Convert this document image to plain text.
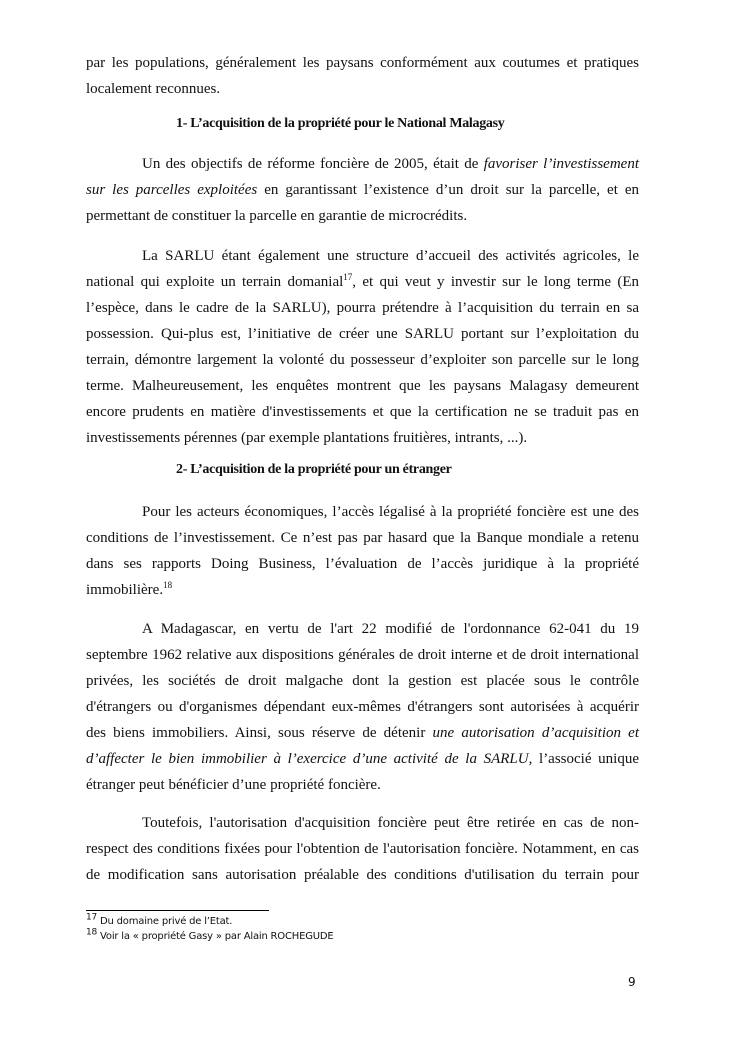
par les populations, généralement les paysans conformément aux coutumes et pratiques
localement reconnues.
Un des objectifs de réforme foncière de 2005, était de favoriser l’investissement
sur les parcelles exploitées en garantissant l’existence d’un droit sur la parcelle, et en
permettant de constituer la parcelle en garantie de microcrédits.
La SARLU étant également une structure d’accueil des activités agricoles, le
national qui exploite un terrain domanial$^{17}$, et qui veut y investir sur le long terme (En
l’espèce, dans le cadre de la SARLU), pourra prétendre à l’acquisition du terrain en sa
possession. Qui-plus est, l’initiative de créer une SARLU portant sur l’exploitation du
terrain, démontre largement la volonté du possesseur d’exploiter son parcelle sur le long
terme. Malheureusement, les enquêtes montrent que les paysans Malagasy demeurent
encore prudents en matière d'investissements et que la certification ne se traduit pas en
investissements pérennes (par exemple plantations fruitières, intrants, ...).
Pour les acteurs économiques, l’accès légalisé à la propriété foncière est une des
conditions de l’investissement. Ce n’est pas par hasard que la Banque mondiale a retenu
dans ses rapports Doing Business, l’évaluation de l’accès juridique à la propriété
immobilière.$^{18}$
A Madagascar, en vertu de l'art 22 modifié de l'ordonnance 62-041 du 19
septembre 1962 relative aux dispositions générales de droit interne et de droit international
privées, les sociétés de droit malgache dont la gestion est placée sous le contrôle
d'étrangers ou d'organismes dépendant eux-mêmes d'étrangers sont autorisées à acquérir
des biens immobiliers. Ainsi, sous réserve de détenir une autorisation d’acquisition et
d’affecter le bien immobilier à l’exercice d’une activité de la SARLU, l’associé unique
étranger peut bénéficier d’une propriété foncière.
Toutefois, l'autorisation d'acquisition foncière peut être retirée en cas de non-
respect des conditions fixées pour l'obtention de l'autorisation foncière. Notamment, en cas
de modification sans autorisation préalable des conditions d'utilisation du terrain pour
1- L’acquisition de la propriété pour le National Malagasy
2- L’acquisition de la propriété pour un étranger
$^{17}$ Du domaine privé de l’Etat.
$^{18}$ Voir la « propriété Gasy » par Alain ROCHEGUDE
9
